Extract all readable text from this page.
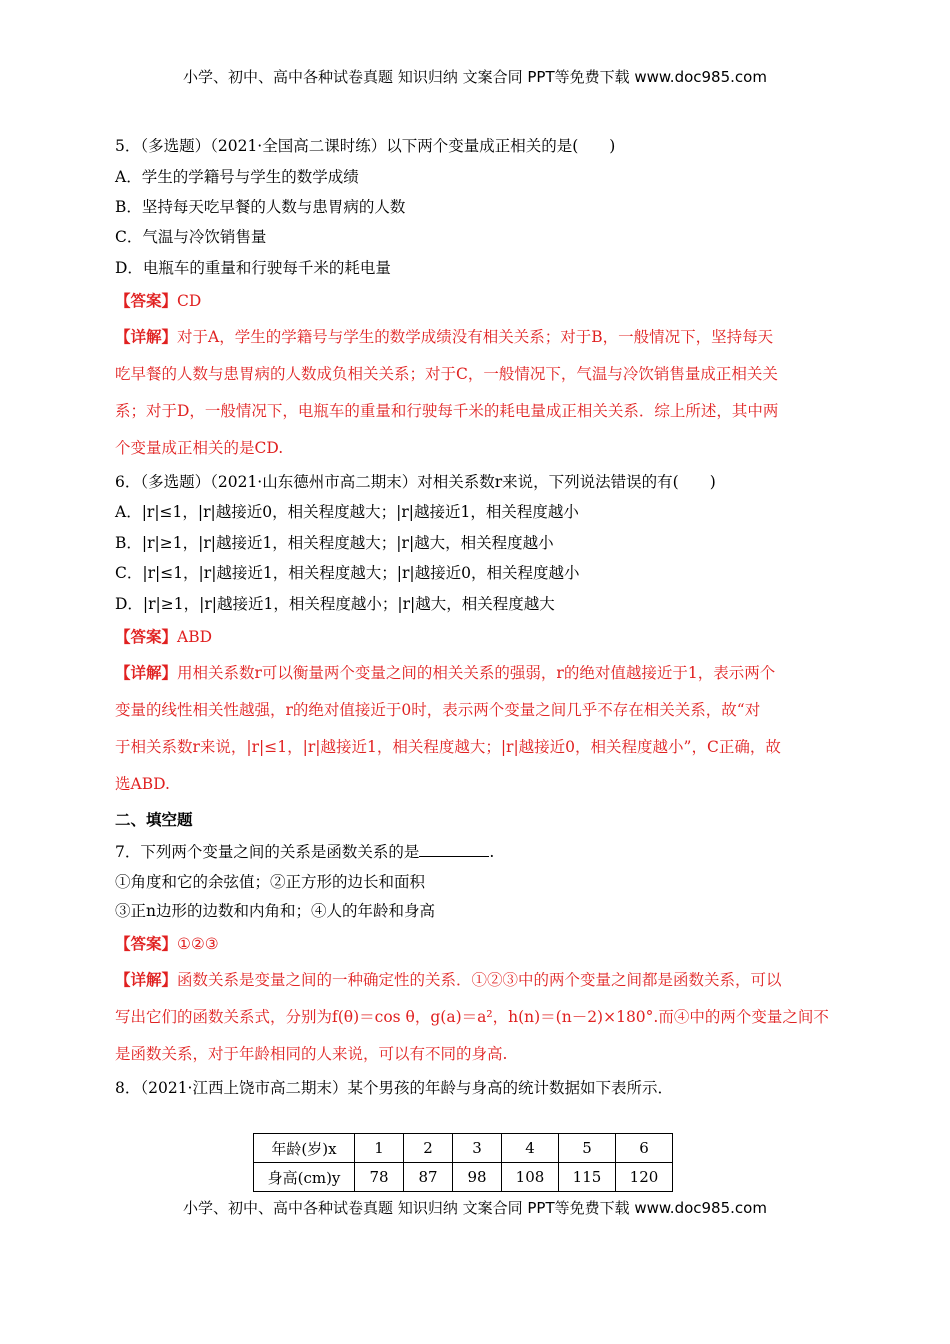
小学、初中、高中各种试卷真题 知识归纳 文案合同 PPT等免费下载 www.doc985.com
5．（多选题）（2021·全国高二课时练）以下两个变量成正相关的是(　　)
A．学生的学籍号与学生的数学成绩
B．坚持每天吃早餐的人数与患胃病的人数
C．气温与冷饮销售量
D．电瓶车的重量和行驶每千米的耗电量
【答案】CD
【详解】对于A，学生的学籍号与学生的数学成绩没有相关关系；对于B，一般情况下，坚持每天
吃早餐的人数与患胃病的人数成负相关关系；对于C，一般情况下，气温与冷饮销售量成正相关关
系；对于D，一般情况下，电瓶车的重量和行驶每千米的耗电量成正相关关系．综上所述，其中两
个变量成正相关的是CD.
6．（多选题）（2021·山东德州市高二期末）对相关系数r来说，下列说法错误的有(　　)
A．|r|≤1，|r|越接近0，相关程度越大；|r|越接近1，相关程度越小
B．|r|≥1，|r|越接近1，相关程度越大；|r|越大，相关程度越小
C．|r|≤1，|r|越接近1，相关程度越大；|r|越接近0，相关程度越小
D．|r|≥1，|r|越接近1，相关程度越小；|r|越大，相关程度越大
【答案】ABD
【详解】用相关系数r可以衡量两个变量之间的相关关系的强弱，r的绝对值越接近于1，表示两个
变量的线性相关性越强，r的绝对值接近于0时，表示两个变量之间几乎不存在相关关系，故“对
于相关系数r来说，|r|≤1，|r|越接近1，相关程度越大；|r|越接近0，相关程度越小”，C正确，故
选ABD.
二、填空题
7．下列两个变量之间的关系是函数关系的是	.
①角度和它的余弦值；②正方形的边长和面积
③正n边形的边数和内角和；④人的年龄和身高
【答案】①②③
【详解】函数关系是变量之间的一种确定性的关系．①②③中的两个变量之间都是函数关系，可以
写出它们的函数关系式，分别为f(θ)＝cos θ，g(a)＝a²，h(n)＝(n－2)×180°.而④中的两个变量之间不
是函数关系，对于年龄相同的人来说，可以有不同的身高.
8．（2021·江西上饶市高二期末）某个男孩的年龄与身高的统计数据如下表所示．
年龄(岁)x	1	2	3	4	5	6
身高(cm)y	78	87	98	108	115	120
小学、初中、高中各种试卷真题 知识归纳 文案合同 PPT等免费下载 www.doc985.com
